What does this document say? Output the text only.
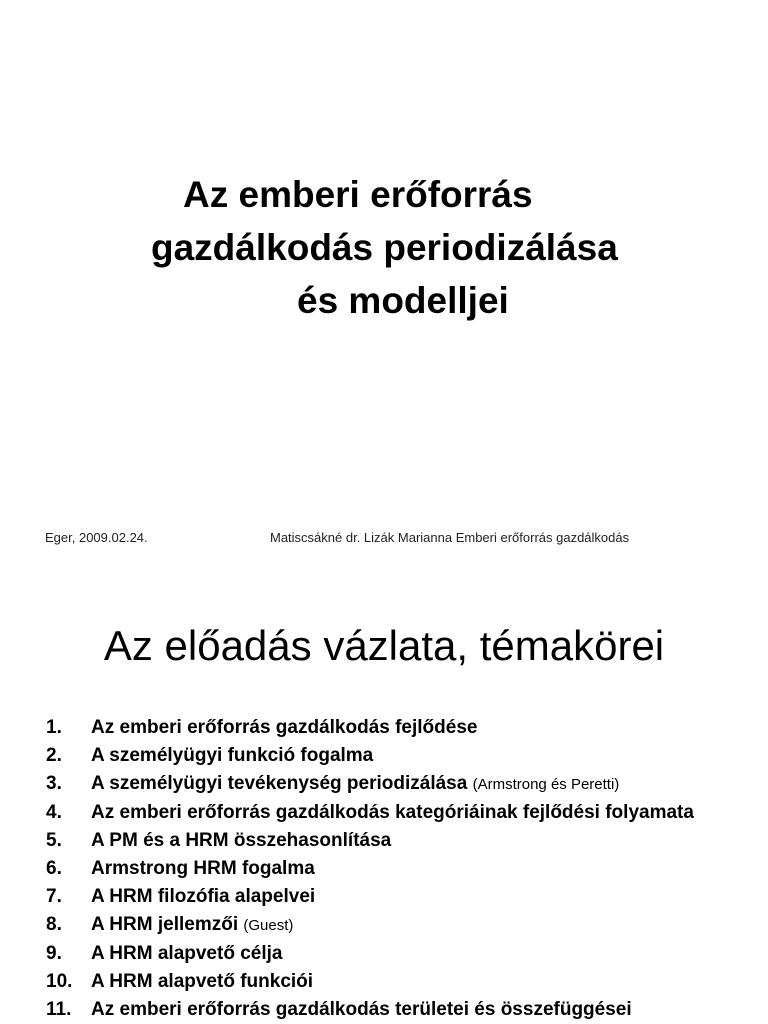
Az emberi erőforrás
gazdálkodás periodizálása
és modelljei
Eger, 2009.02.24.	Matiscsákné dr. Lizák Marianna Emberi erőforrás gazdálkodás
Az előadás vázlata, témakörei
1.	Az emberi erőforrás gazdálkodás fejlődése
2.	A személyügyi funkció fogalma
3.	A személyügyi tevékenység periodizálása (Armstrong és Peretti)
4.	Az emberi erőforrás gazdálkodás kategóriáinak fejlődési folyamata
5.	A PM és a HRM összehasonlítása
6.	Armstrong HRM fogalma
7.	A HRM filozófia alapelvei
8.	A HRM jellemzői (Guest)
9.	A HRM alapvető célja
10. A HRM alapvető funkciói
11.	Az emberi erőforrás gazdálkodás területei és összefüggései
